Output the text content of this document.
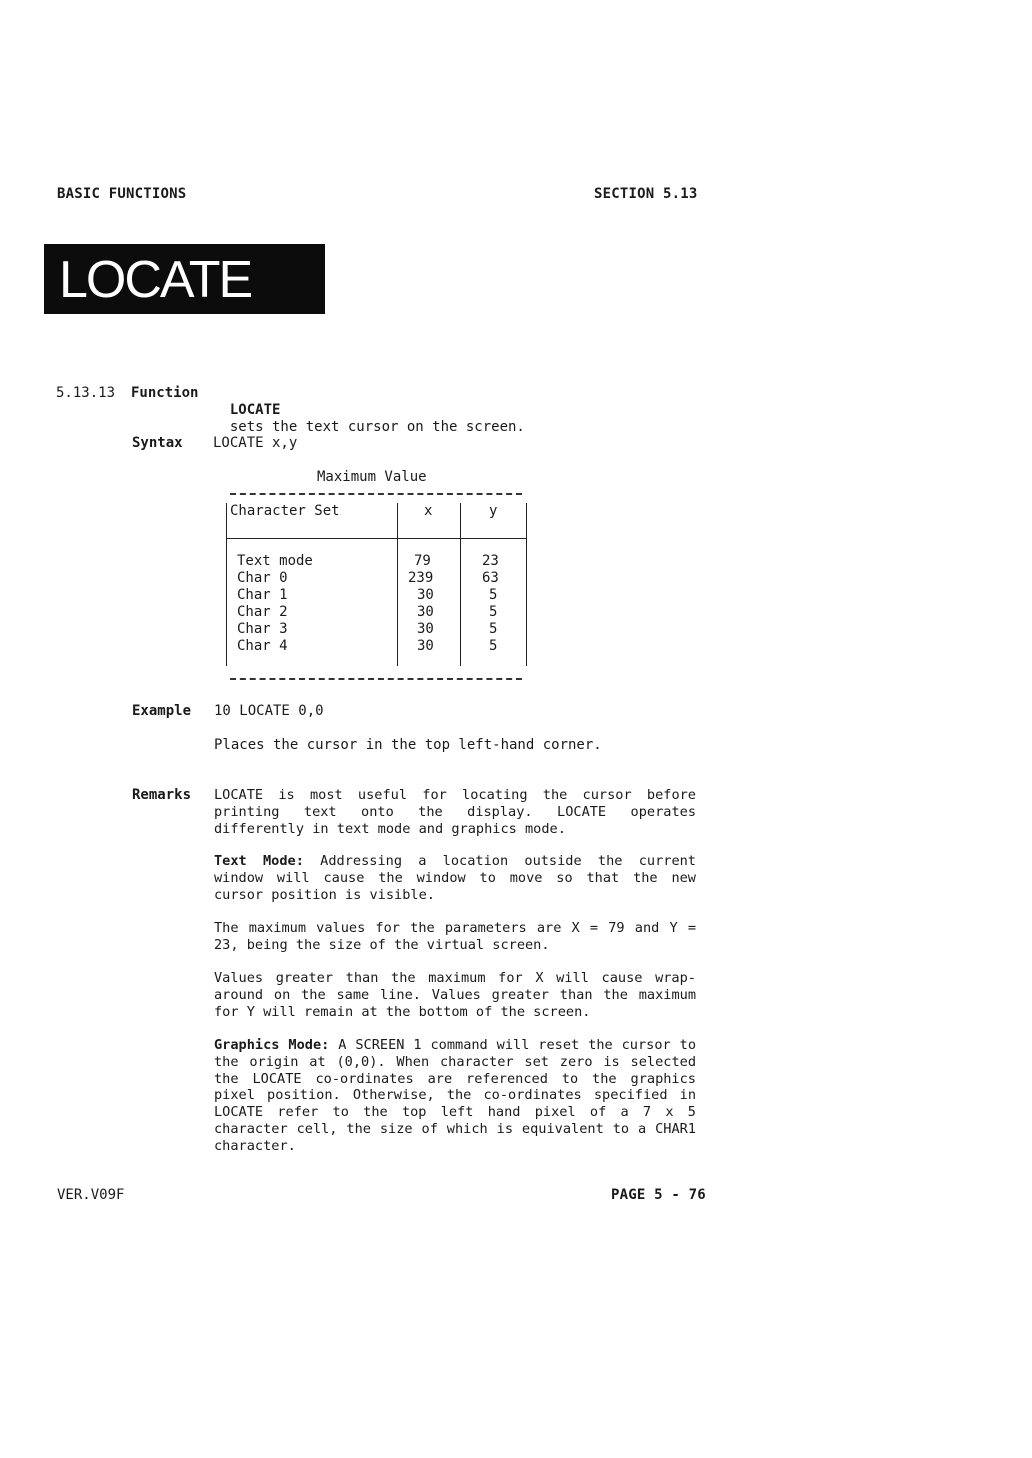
BASIC FUNCTIONS	SECTION 5.13
LOCATE
5.13.13 Function

LOCATE
sets the text cursor on the screen.

Syntax LOCATE x,y
Maximum Value
Character Set	x	y
Text mode	79	23
Char 0	239	63
Char 1	30	5
Char 2	30	5
Char 3	30	5
Char 4	30	5
Example 10 LOCATE 0,0
Places the cursor in the top left-hand corner.
Remarks LOCATE is most useful for locating the cursor before printing text onto the display. LOCATE operates differently in text mode and graphics mode.
Text Mode: Addressing a location outside the current window will cause the window to move so that the new cursor position is visible.
The maximum values for the parameters are X = 79 and Y = 23, being the size of the virtual screen.
Values greater than the maximum for X will cause wrap-around on the same line. Values greater than the maximum for Y will remain at the bottom of the screen.
Graphics Mode: A SCREEN 1 command will reset the cursor to the origin at (0,0). When character set zero is selected the LOCATE co-ordinates are referenced to the graphics pixel position. Otherwise, the co-ordinates specified in LOCATE refer to the top left hand pixel of a 7 x 5 character cell, the size of which is equivalent to a CHAR1 character.
VER.V09F	PAGE 5 - 76
